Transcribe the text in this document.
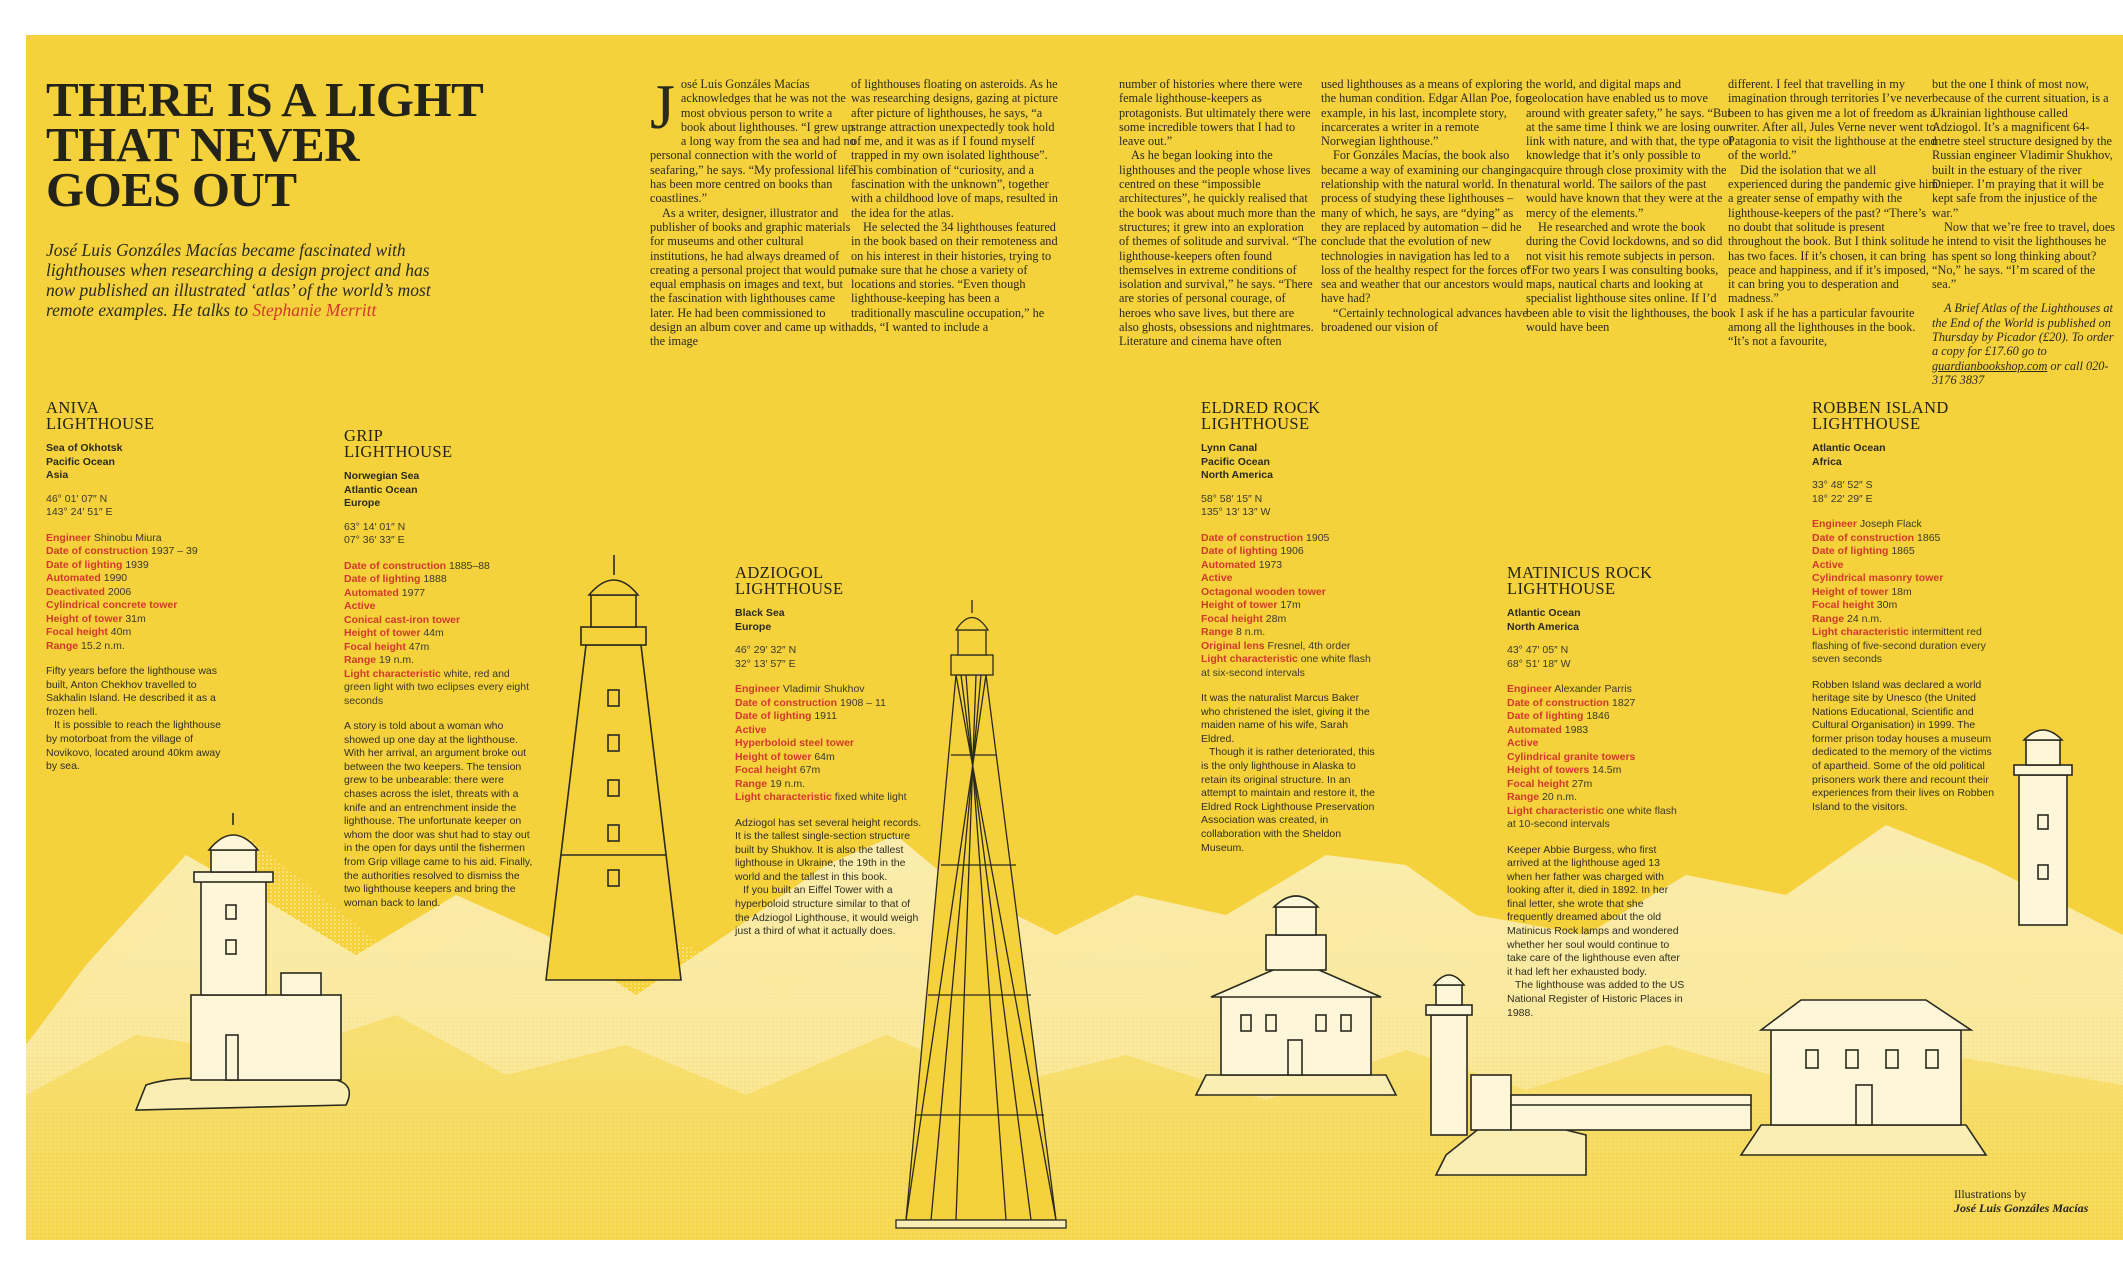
THERE IS A LIGHT
THAT NEVER
GOES OUT

José Luis Gonzáles Macías became fascinated with lighthouses when researching a design project and has now published an illustrated ‘atlas’ of the world’s most remote examples. He talks to Stephanie Merritt

José Luis Gonzáles Macías acknowledges that he was not the most obvious person to write a book about lighthouses. “I grew up a long way from the sea and had no personal connection with the world of seafaring,” he says. “My professional life has been more centred on books than coastlines.”

As a writer, designer, illustrator and publisher of books and graphic materials for museums and other cultural institutions, he had always dreamed of creating a personal project that would put equal emphasis on images and text, but the fascination with lighthouses came later. He had been commissioned to design an album cover and came up with the image

of lighthouses floating on asteroids. As he was researching designs, gazing at picture after picture of lighthouses, he says, “a strange attraction unexpectedly took hold of me, and it was as if I found myself trapped in my own isolated lighthouse”. This combination of “curiosity, and a fascination with the unknown”, together with a childhood love of maps, resulted in the idea for the atlas.

He selected the 34 lighthouses featured in the book based on their remoteness and on his interest in their histories, trying to make sure that he chose a variety of locations and stories. “Even though lighthouse-keeping has been a traditionally masculine occupation,” he adds, “I wanted to include a

number of histories where there were female lighthouse-keepers as protagonists. But ultimately there were some incredible towers that I had to leave out.”

As he began looking into the lighthouses and the people whose lives centred on these “impossible architectures”, he quickly realised that the book was about much more than the structures; it grew into an exploration of themes of solitude and survival. “The lighthouse-keepers often found themselves in extreme conditions of isolation and survival,” he says. “There are stories of personal courage, of heroes who save lives, but there are also ghosts, obsessions and nightmares. Literature and cinema have often

used lighthouses as a means of exploring the human condition. Edgar Allan Poe, for example, in his last, incomplete story, incarcerates a writer in a remote Norwegian lighthouse.”

For Gonzáles Macías, the book also became a way of examining our changing relationship with the natural world. In the process of studying these lighthouses – many of which, he says, are “dying” as they are replaced by automation – did he conclude that the evolution of new technologies in navigation has led to a loss of the healthy respect for the forces of sea and weather that our ancestors would have had?

“Certainly technological advances have broadened our vision of

the world, and digital maps and geolocation have enabled us to move around with greater safety,” he says. “But at the same time I think we are losing our link with nature, and with that, the type of knowledge that it’s only possible to acquire through close proximity with the natural world. The sailors of the past would have known that they were at the mercy of the elements.”

He researched and wrote the book during the Covid lockdowns, and so did not visit his remote subjects in person. “For two years I was consulting books, maps, nautical charts and looking at specialist lighthouse sites online. If I’d been able to visit the lighthouses, the book would have been

different. I feel that travelling in my imagination through territories I’ve never been to has given me a lot of freedom as a writer. After all, Jules Verne never went to Patagonia to visit the lighthouse at the end of the world.”

Did the isolation that we all experienced during the pandemic give him a greater sense of empathy with the lighthouse-keepers of the past? “There’s no doubt that solitude is present throughout the book. But I think solitude has two faces. If it’s chosen, it can bring peace and happiness, and if it’s imposed, it can bring you to desperation and madness.”

I ask if he has a particular favourite among all the lighthouses in the book. “It’s not a favourite,

but the one I think of most now, because of the current situation, is a Ukrainian lighthouse called Adziogol. It’s a magnificent 64-metre steel structure designed by the Russian engineer Vladimir Shukhov, built in the estuary of the river Dnieper. I’m praying that it will be kept safe from the injustice of the war.”

Now that we’re free to travel, does he intend to visit the lighthouses he has spent so long thinking about? “No,” he says. “I’m scared of the sea.”

A Brief Atlas of the Lighthouses at the End of the World is published on Thursday by Picador (£20). To order a copy for £17.60 go to guardianbookshop.com or call 020-3176 3837

ANIVA
LIGHTHOUSE
Sea of Okhotsk
Pacific Ocean
Asia
46° 01′ 07″ N
143° 24′ 51″ E
Engineer Shinobu Miura
Date of construction 1937 – 39
Date of lighting 1939
Automated 1990
Deactivated 2006
Cylindrical concrete tower
Height of tower 31m
Focal height 40m
Range 15.2 n.m.

Fifty years before the lighthouse was built, Anton Chekhov travelled to Sakhalin Island. He described it as a frozen hell.

It is possible to reach the lighthouse by motorboat from the village of Novikovo, located around 40km away by sea.

GRIP
LIGHTHOUSE
Norwegian Sea
Atlantic Ocean
Europe
63° 14′ 01″ N
07° 36′ 33″ E
Date of construction 1885–88
Date of lighting 1888
Automated 1977
Active
Conical cast-iron tower
Height of tower 44m
Focal height 47m
Range 19 n.m.
Light characteristic white, red and green light with two eclipses every eight seconds

A story is told about a woman who showed up one day at the lighthouse. With her arrival, an argument broke out between the two keepers. The tension grew to be unbearable: there were chases across the islet, threats with a knife and an entrenchment inside the lighthouse. The unfortunate keeper on whom the door was shut had to stay out in the open for days until the fishermen from Grip village came to his aid. Finally, the authorities resolved to dismiss the two lighthouse keepers and bring the woman back to land.

ADZIOGOL
LIGHTHOUSE
Black Sea
Europe
46° 29′ 32″ N
32° 13′ 57″ E
Engineer Vladimir Shukhov
Date of construction 1908 – 11
Date of lighting 1911
Active
Hyperboloid steel tower
Height of tower 64m
Focal height 67m
Range 19 n.m.
Light characteristic fixed white light

Adziogol has set several height records. It is the tallest single-section structure built by Shukhov. It is also the tallest lighthouse in Ukraine, the 19th in the world and the tallest in this book.

If you built an Eiffel Tower with a hyperboloid structure similar to that of the Adziogol Lighthouse, it would weigh just a third of what it actually does.

ELDRED ROCK
LIGHTHOUSE
Lynn Canal
Pacific Ocean
North America
58° 58′ 15″ N
135° 13′ 13″ W
Date of construction 1905
Date of lighting 1906
Automated 1973
Active
Octagonal wooden tower
Height of tower 17m
Focal height 28m
Range 8 n.m.
Original lens Fresnel, 4th order
Light characteristic one white flash at six-second intervals

It was the naturalist Marcus Baker who christened the islet, giving it the maiden name of his wife, Sarah Eldred.

Though it is rather deteriorated, this is the only lighthouse in Alaska to retain its original structure. In an attempt to maintain and restore it, the Eldred Rock Lighthouse Preservation Association was created, in collaboration with the Sheldon Museum.

MATINICUS ROCK
LIGHTHOUSE
Atlantic Ocean
North America
43° 47′ 05″ N
68° 51′ 18″ W
Engineer Alexander Parris
Date of construction 1827
Date of lighting 1846
Automated 1983
Active
Cylindrical granite towers
Height of towers 14.5m
Focal height 27m
Range 20 n.m.
Light characteristic one white flash at 10-second intervals

Keeper Abbie Burgess, who first arrived at the lighthouse aged 13 when her father was charged with looking after it, died in 1892. In her final letter, she wrote that she frequently dreamed about the old Matinicus Rock lamps and wondered whether her soul would continue to take care of the lighthouse even after it had left her exhausted body.

The lighthouse was added to the US National Register of Historic Places in 1988.

ROBBEN ISLAND
LIGHTHOUSE
Atlantic Ocean
Africa
33° 48′ 52″ S
18° 22′ 29″ E
Engineer Joseph Flack
Date of construction 1865
Date of lighting 1865
Active
Cylindrical masonry tower
Height of tower 18m
Focal height 30m
Range 24 n.m.
Light characteristic intermittent red flashing of five-second duration every seven seconds

Robben Island was declared a world heritage site by Unesco (the United Nations Educational, Scientific and Cultural Organisation) in 1999. The former prison today houses a museum dedicated to the memory of the victims of apartheid. Some of the old political prisoners work there and recount their experiences from their lives on Robben Island to the visitors.

Illustrations by
José Luis Gonzáles Macías
